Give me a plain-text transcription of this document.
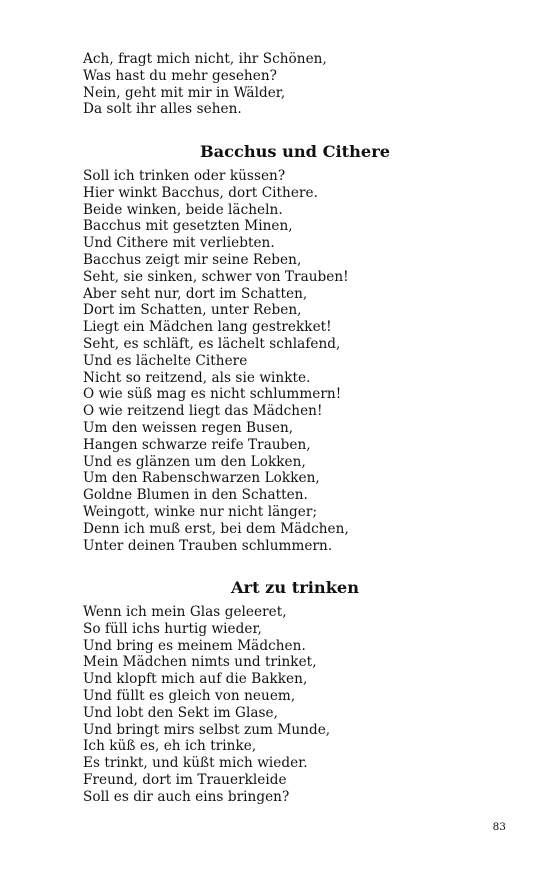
Ach, fragt mich nicht, ihr Schönen,
Was hast du mehr gesehen?
Nein, geht mit mir in Wälder,
Da solt ihr alles sehen.
Bacchus und Cithere
Soll ich trinken oder küssen?
Hier winkt Bacchus, dort Cithere.
Beide winken, beide lächeln.
Bacchus mit gesetzten Minen,
Und Cithere mit verliebten.
Bacchus zeigt mir seine Reben,
Seht, sie sinken, schwer von Trauben!
Aber seht nur, dort im Schatten,
Dort im Schatten, unter Reben,
Liegt ein Mädchen lang gestrekket!
Seht, es schläft, es lächelt schlafend,
Und es lächelte Cithere
Nicht so reitzend, als sie winkte.
O wie süß mag es nicht schlummern!
O wie reitzend liegt das Mädchen!
Um den weissen regen Busen,
Hangen schwarze reife Trauben,
Und es glänzen um den Lokken,
Um den Rabenschwarzen Lokken,
Goldne Blumen in den Schatten.
Weingott, winke nur nicht länger;
Denn ich muß erst, bei dem Mädchen,
Unter deinen Trauben schlummern.
Art zu trinken
Wenn ich mein Glas geleeret,
So füll ichs hurtig wieder,
Und bring es meinem Mädchen.
Mein Mädchen nimts und trinket,
Und klopft mich auf die Bakken,
Und füllt es gleich von neuem,
Und lobt den Sekt im Glase,
Und bringt mirs selbst zum Munde,
Ich küß es, eh ich trinke,
Es trinkt, und küßt mich wieder.
Freund, dort im Trauerkleide
Soll es dir auch eins bringen?
83
